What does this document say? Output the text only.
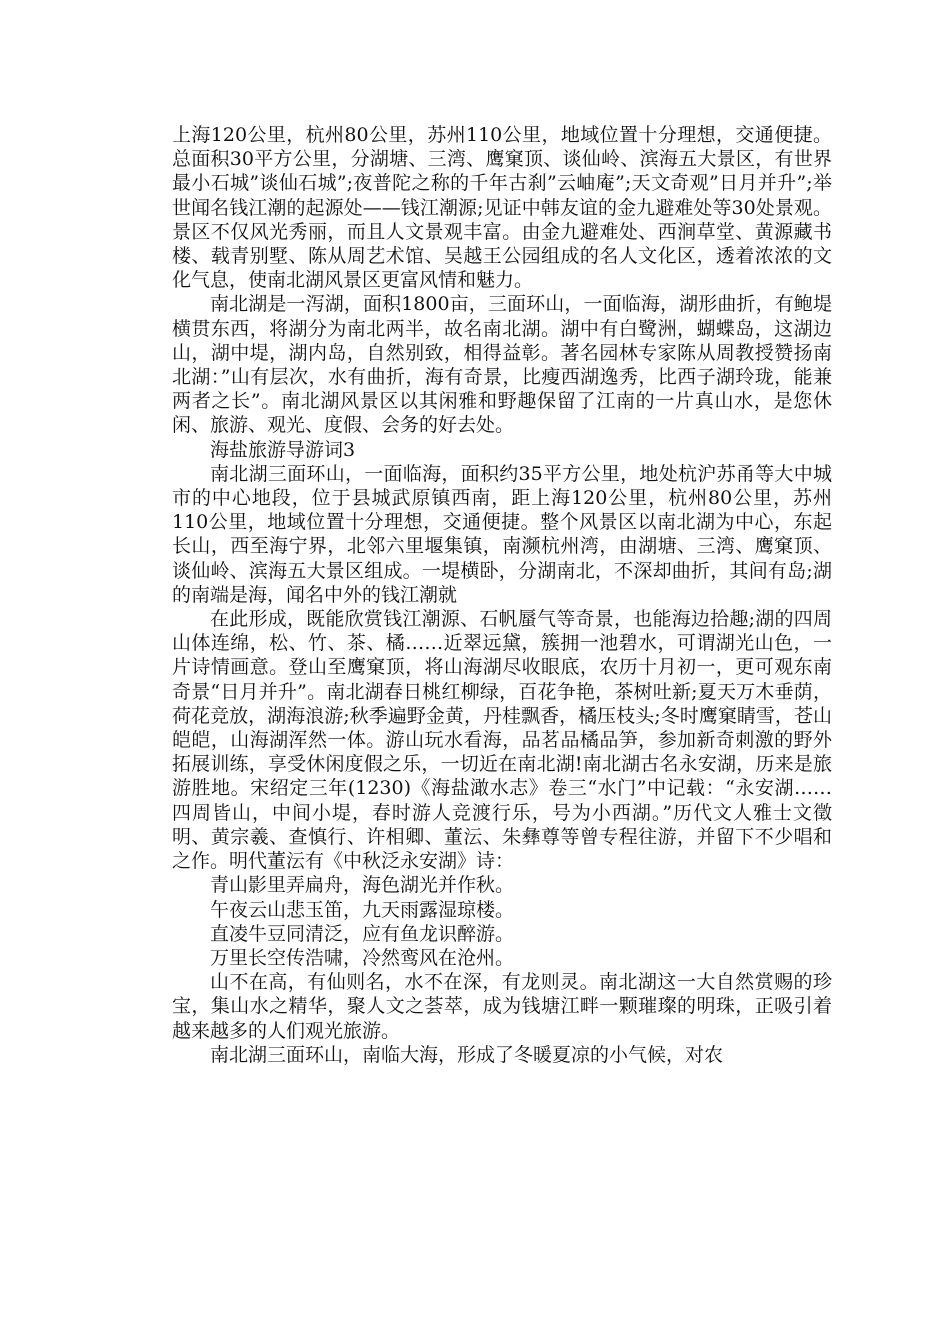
上海120公里，杭州80公里，苏州110公里，地域位置十分理想，交通便捷。总面积30平方公里，分湖塘、三湾、鹰窠顶、谈仙岭、滨海五大景区，有世界最小石城”谈仙石城”;夜普陀之称的千年古刹”云岫庵”;天文奇观”日月并升”;举世闻名钱江潮的起源处——钱江潮源;见证中韩友谊的金九避难处等30处景观。景区不仅风光秀丽，而且人文景观丰富。由金九避难处、西涧草堂、黄源藏书楼、载青别墅、陈从周艺术馆、吴越王公园组成的名人文化区，透着浓浓的文化气息，使南北湖风景区更富风情和魅力。

南北湖是一泻湖，面积1800亩，三面环山，一面临海，湖形曲折，有鲍堤横贯东西，将湖分为南北两半，故名南北湖。湖中有白鹭洲，蝴蝶岛，这湖边山，湖中堤，湖内岛，自然别致，相得益彰。著名园林专家陈从周教授赞扬南北湖：”山有层次，水有曲折，海有奇景，比瘦西湖逸秀，比西子湖玲珑，能兼两者之长”。南北湖风景区以其闲雅和野趣保留了江南的一片真山水，是您休闲、旅游、观光、度假、会务的好去处。

海盐旅游导游词3

南北湖三面环山，一面临海，面积约35平方公里，地处杭沪苏甬等大中城市的中心地段，位于县城武原镇西南，距上海120公里，杭州80公里，苏州110公里，地域位置十分理想，交通便捷。整个风景区以南北湖为中心，东起长山，西至海宁界，北邻六里堰集镇，南濒杭州湾，由湖塘、三湾、鹰窠顶、谈仙岭、滨海五大景区组成。一堤横卧，分湖南北，不深却曲折，其间有岛;湖的南端是海，闻名中外的钱江潮就

在此形成，既能欣赏钱江潮源、石帆蜃气等奇景，也能海边拾趣;湖的四周山体连绵，松、竹、茶、橘……近翠远黛，簇拥一池碧水，可谓湖光山色，一片诗情画意。登山至鹰窠顶，将山海湖尽收眼底，农历十月初一，更可观东南奇景“日月并升”。南北湖春日桃红柳绿，百花争艳，茶树吐新;夏天万木垂荫，荷花竞放，湖海浪游;秋季遍野金黄，丹桂飘香，橘压枝头;冬时鹰窠睛雪，苍山皑皑，山海湖浑然一体。游山玩水看海，品茗品橘品笋，参加新奇刺激的野外拓展训练，享受休闲度假之乐，一切近在南北湖!南北湖古名永安湖，历来是旅游胜地。宋绍定三年(1230)《海盐澉水志》卷三“水门”中记载：“永安湖……四周皆山，中间小堤，春时游人竞渡行乐，号为小西湖。”历代文人雅士文徵明、黄宗羲、查慎行、许相卿、董沄、朱彝尊等曾专程往游，并留下不少唱和之作。明代董沄有《中秋泛永安湖》诗：

青山影里弄扁舟，海色湖光并作秋。

午夜云山悲玉笛，九天雨露湿琼楼。

直凌牛豆同清泛，应有鱼龙识醉游。

万里长空传浩啸，冷然鸾风在沧州。

山不在高，有仙则名，水不在深，有龙则灵。南北湖这一大自然赏赐的珍宝，集山水之精华，聚人文之荟萃，成为钱塘江畔一颗璀璨的明珠，正吸引着越来越多的人们观光旅游。

南北湖三面环山，南临大海，形成了冬暖夏凉的小气候，对农
